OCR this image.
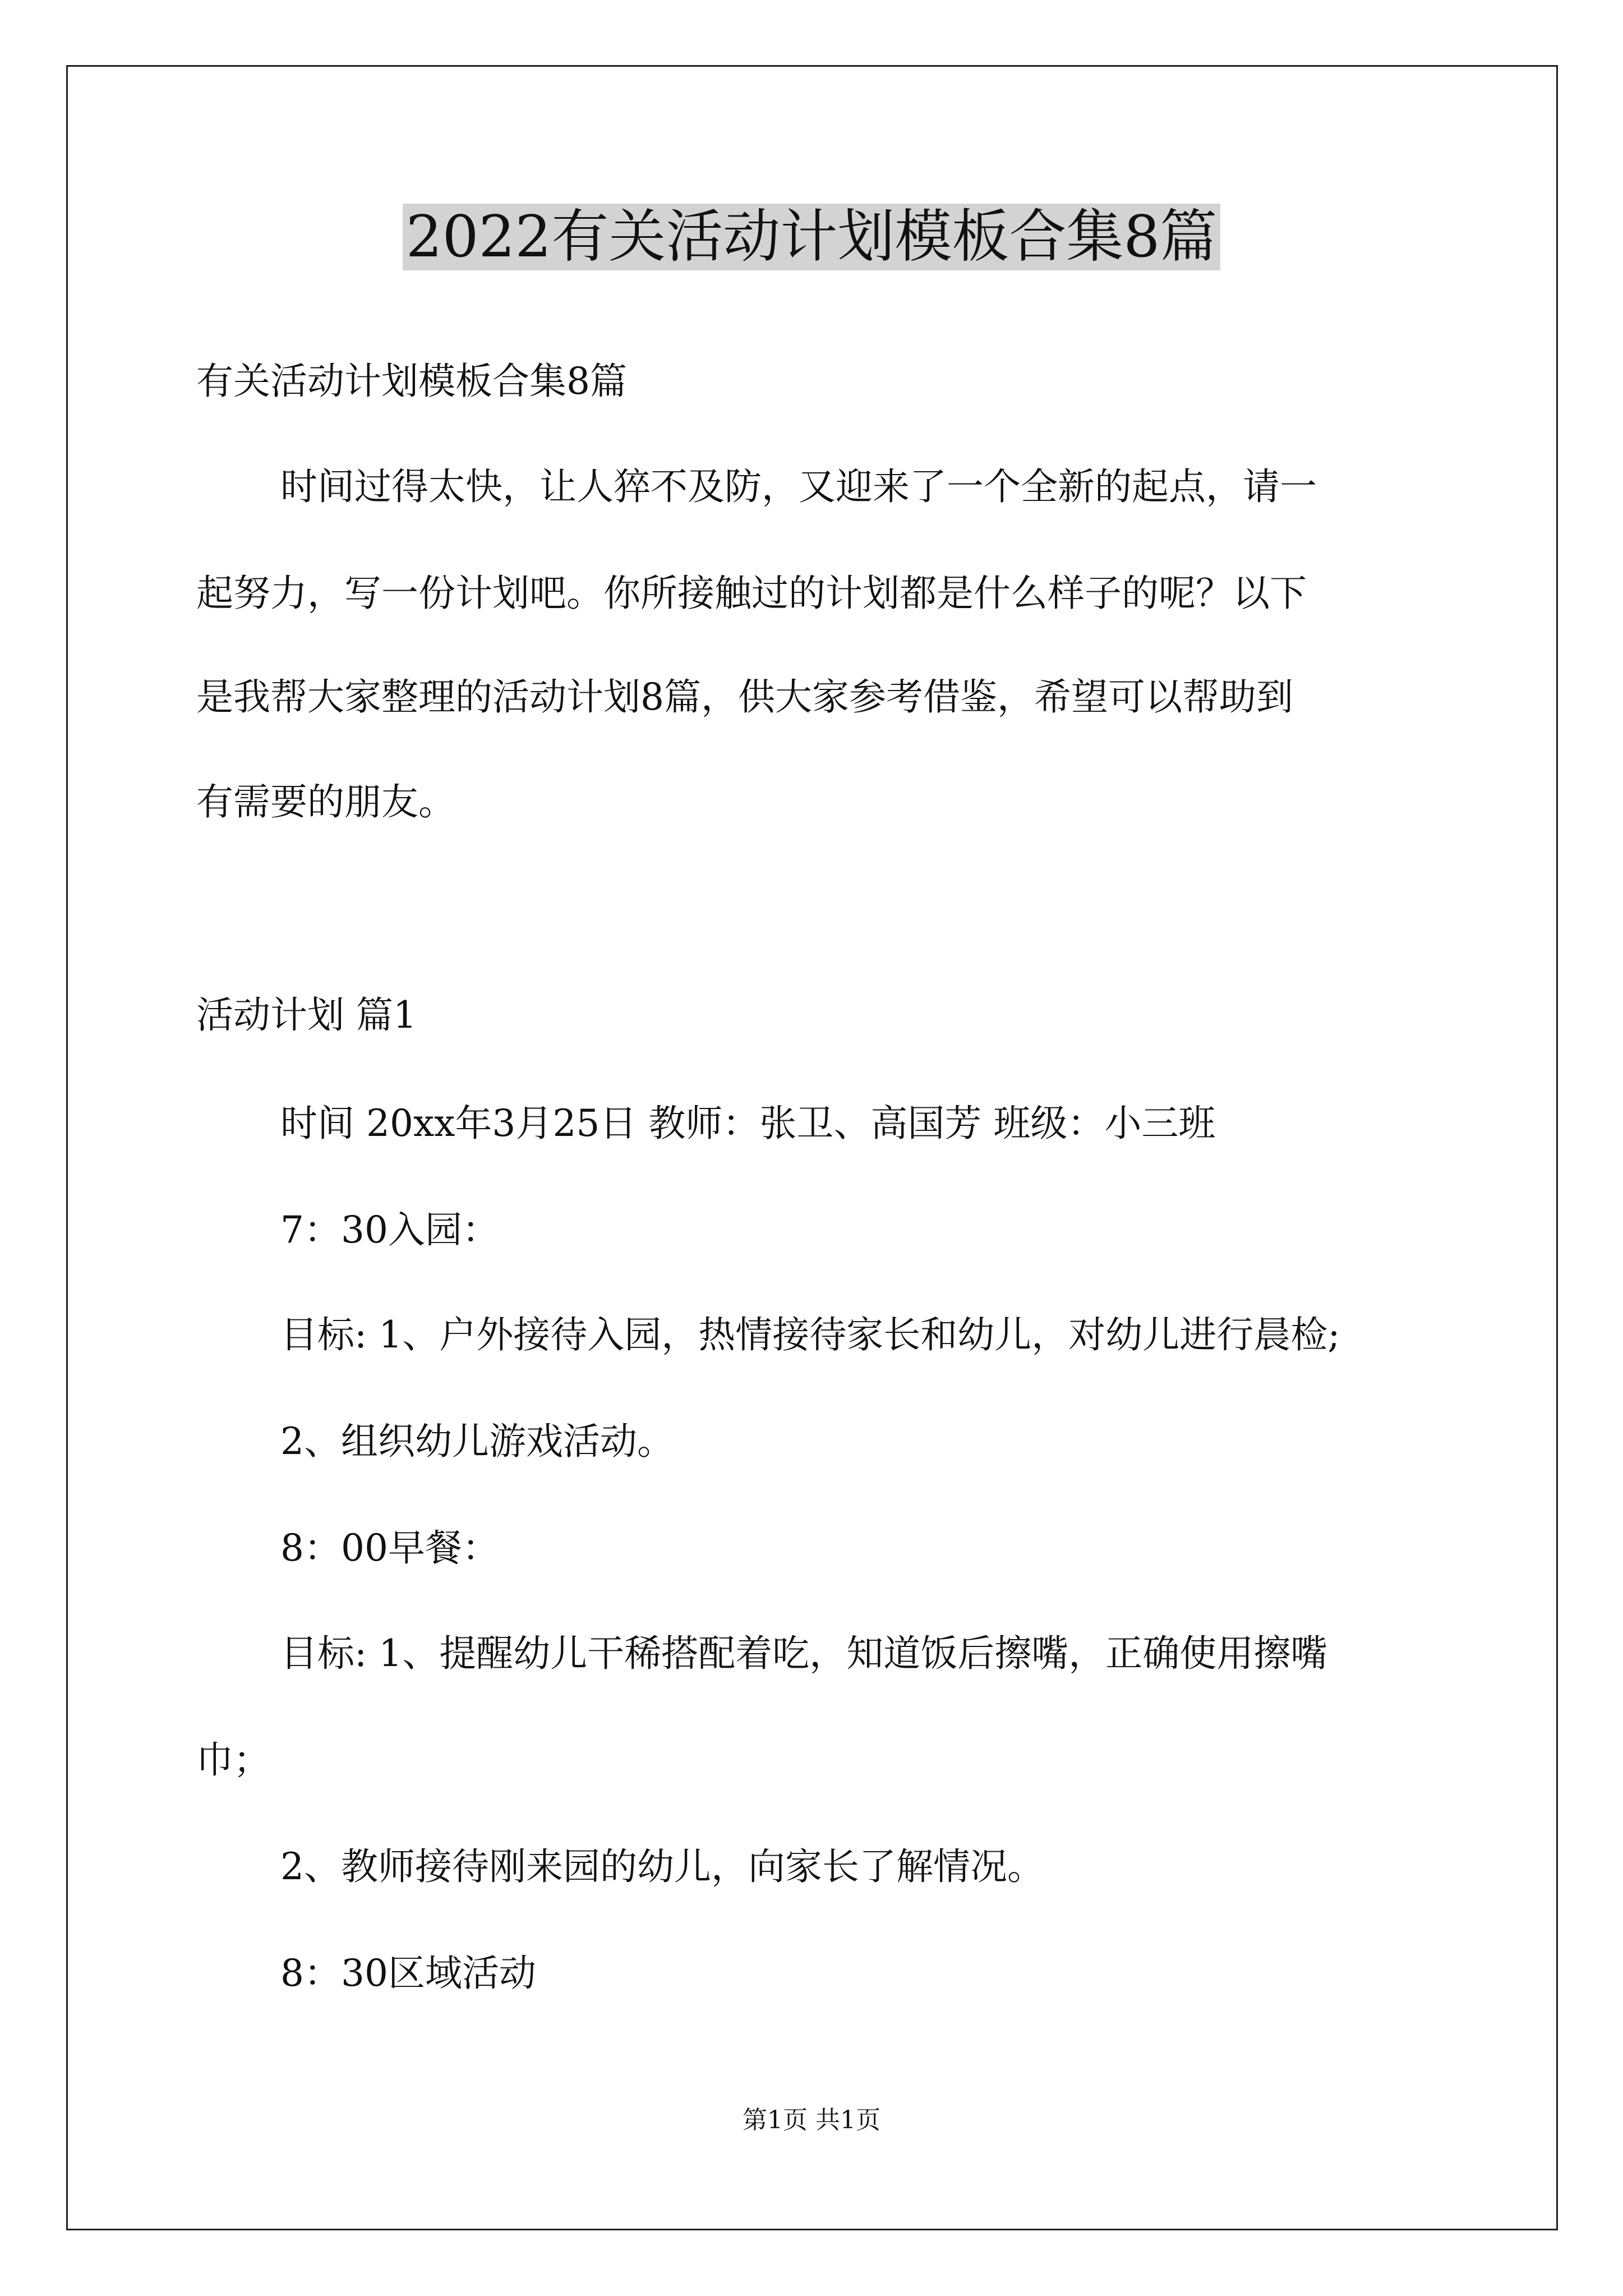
2022有关活动计划模板合集8篇
有关活动计划模板合集8篇
时间过得太快，让人猝不及防，又迎来了一个全新的起点，请一
起努力，写一份计划吧。你所接触过的计划都是什么样子的呢？以下
是我帮大家整理的活动计划8篇，供大家参考借鉴，希望可以帮助到
有需要的朋友。
活动计划 篇1
时间 20xx年3月25日 教师：张卫、高国芳 班级：小三班
7：30入园：
目标: 1、户外接待入园，热情接待家长和幼儿，对幼儿进行晨检;
2、组织幼儿游戏活动。
8：00早餐：
目标: 1、提醒幼儿干稀搭配着吃，知道饭后擦嘴，正确使用擦嘴
巾；
2、教师接待刚来园的幼儿，向家长了解情况。
8：30区域活动
第1页 共1页
